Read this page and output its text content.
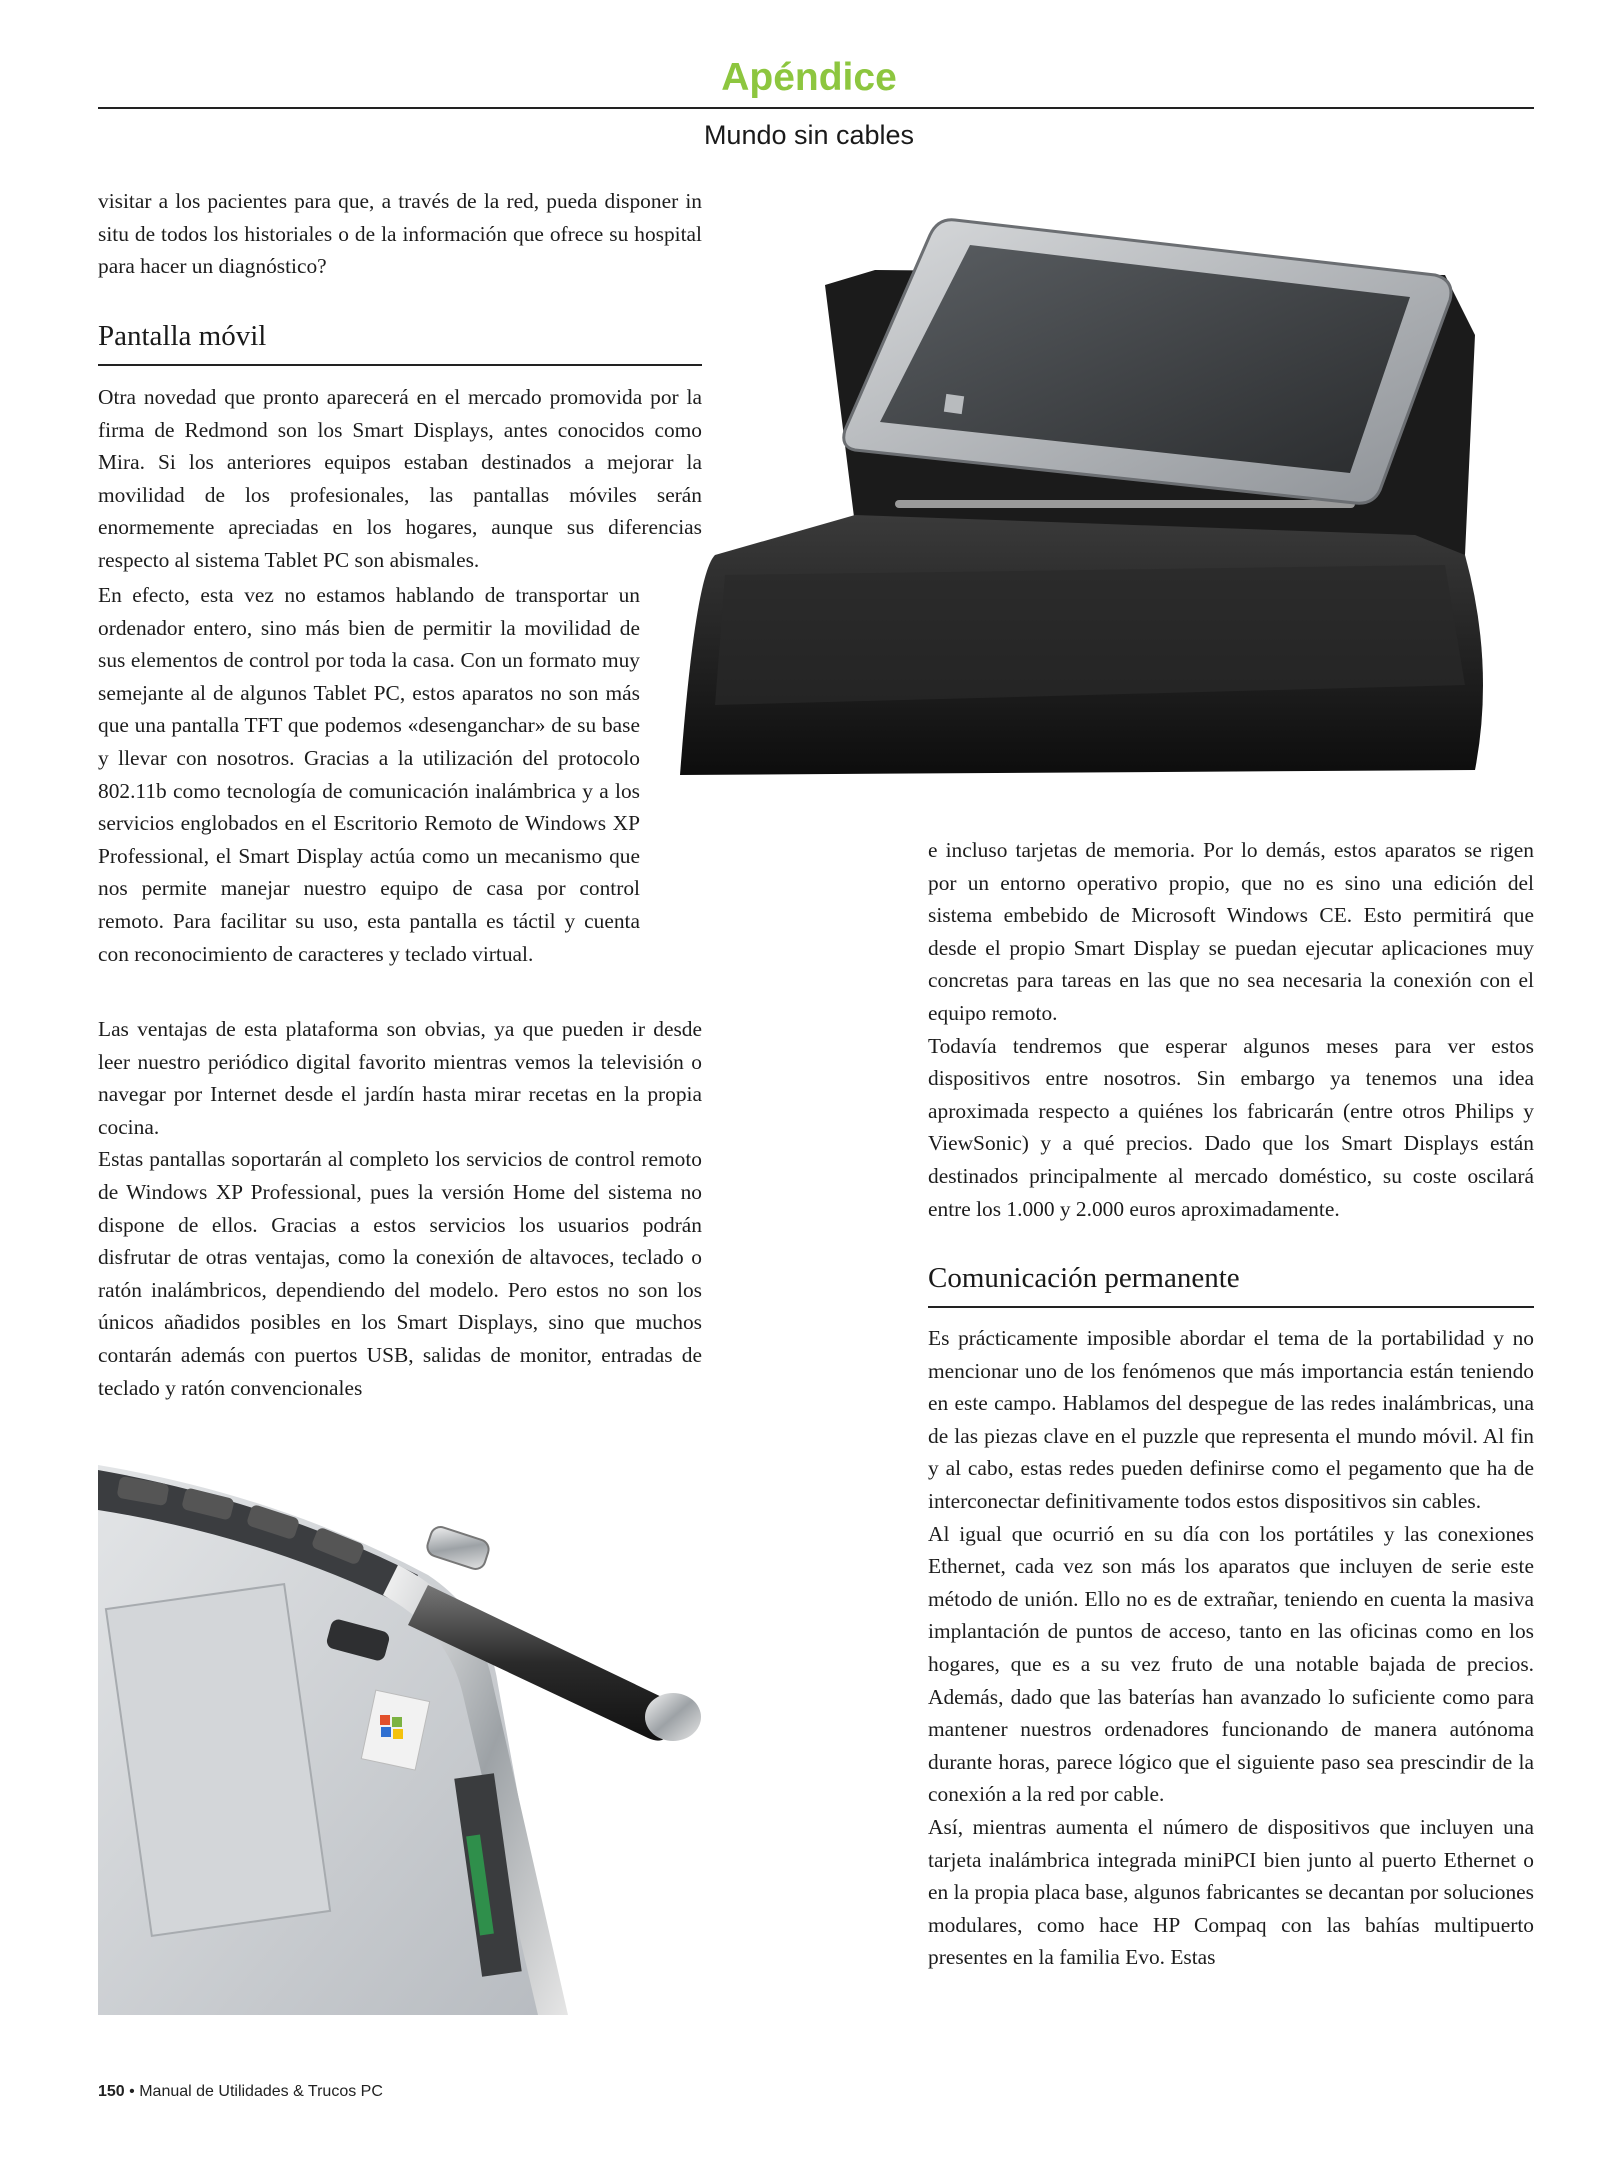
Apéndice
Mundo sin cables

visitar a los pacientes para que, a través de la red, pueda disponer in situ de todos los historiales o de la información que ofrece su hospital para hacer un diagnóstico?

Pantalla móvil

Otra novedad que pronto aparecerá en el mercado promovida por la firma de Redmond son los Smart Displays, antes conocidos como Mira. Si los anteriores equipos estaban destinados a mejorar la movilidad de los profesionales, las pantallas móviles serán enormemente apreciadas en los hogares, aunque sus diferencias respecto al sistema Tablet PC son abismales.

En efecto, esta vez no estamos hablando de transportar un ordenador entero, sino más bien de permitir la movilidad de sus elementos de control por toda la casa. Con un formato muy semejante al de algunos Tablet PC, estos aparatos no son más que una pantalla TFT que podemos «desenganchar» de su base y llevar con nosotros. Gracias a la utilización del protocolo 802.11b como tecnología de comunicación inalámbrica y a los servicios englobados en el Escritorio Remoto de Windows XP Professional, el Smart Display actúa como un mecanismo que nos permite manejar nuestro equipo de casa por control remoto. Para facilitar su uso, esta pantalla es táctil y cuenta con reconocimiento de caracteres y teclado virtual.

Las ventajas de esta plataforma son obvias, ya que pueden ir desde leer nuestro periódico digital favorito mientras vemos la televisión o navegar por Internet desde el jardín hasta mirar recetas en la propia cocina.

Estas pantallas soportarán al completo los servicios de control remoto de Windows XP Professional, pues la versión Home del sistema no dispone de ellos. Gracias a estos servicios los usuarios podrán disfrutar de otras ventajas, como la conexión de altavoces, teclado o ratón inalámbricos, dependiendo del modelo. Pero estos no son los únicos añadidos posibles en los Smart Displays, sino que muchos contarán además con puertos USB, salidas de monitor, entradas de teclado y ratón convencionales

e incluso tarjetas de memoria. Por lo demás, estos aparatos se rigen por un entorno operativo propio, que no es sino una edición del sistema embebido de Microsoft Windows CE. Esto permitirá que desde el propio Smart Display se puedan ejecutar aplicaciones muy concretas para tareas en las que no sea necesaria la conexión con el equipo remoto.

Todavía tendremos que esperar algunos meses para ver estos dispositivos entre nosotros. Sin embargo ya tenemos una idea aproximada respecto a quiénes los fabricarán (entre otros Philips y ViewSonic) y a qué precios. Dado que los Smart Displays están destinados principalmente al mercado doméstico, su coste oscilará entre los 1.000 y 2.000 euros aproximadamente.

Comunicación permanente

Es prácticamente imposible abordar el tema de la portabilidad y no mencionar uno de los fenómenos que más importancia están teniendo en este campo. Hablamos del despegue de las redes inalámbricas, una de las piezas clave en el puzzle que representa el mundo móvil. Al fin y al cabo, estas redes pueden definirse como el pegamento que ha de interconectar definitivamente todos estos dispositivos sin cables.

Al igual que ocurrió en su día con los portátiles y las conexiones Ethernet, cada vez son más los aparatos que incluyen de serie este método de unión. Ello no es de extrañar, teniendo en cuenta la masiva implantación de puntos de acceso, tanto en las oficinas como en los hogares, que es a su vez fruto de una notable bajada de precios. Además, dado que las baterías han avanzado lo suficiente como para mantener nuestros ordenadores funcionando de manera autónoma durante horas, parece lógico que el siguiente paso sea prescindir de la conexión a la red por cable.

Así, mientras aumenta el número de dispositivos que incluyen una tarjeta inalámbrica integrada miniPCI bien junto al puerto Ethernet o en la propia placa base, algunos fabricantes se decantan por soluciones modulares, como hace HP Compaq con las bahías multipuerto presentes en la familia Evo. Estas

150 • Manual de Utilidades & Trucos PC
